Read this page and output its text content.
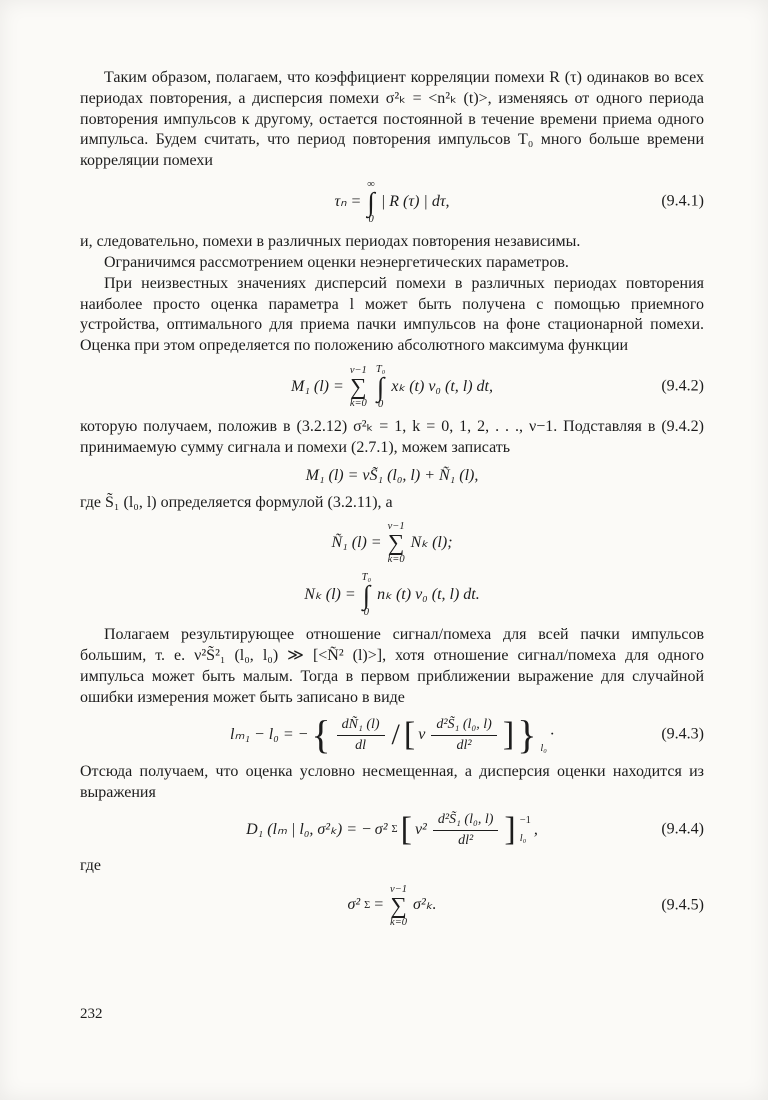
Таким образом, полагаем, что коэффициент корреляции помехи R (τ) одинаков во всех периодах повторения, а дисперсия помехи σ²ₖ = <n²ₖ (t)>, изменяясь от одного периода повторения импульсов к другому, остается постоянной в течение времени приема одного импульса. Будем считать, что период повторения импульсов T₀ много больше времени корреляции помехи

τₙ =
∞
∫
0
| R (τ) | dτ,	(9.4.1)

и, следовательно, помехи в различных периодах повторения независимы.

Ограничимся рассмотрением оценки неэнергетических параметров.

При неизвестных значениях дисперсий помехи в различных периодах повторения наиболее просто оценка параметра l может быть получена с помощью приемного устройства, оптимального для приема пачки импульсов на фоне стационарной помехи. Оценка при этом определяется по положению абсолютного максимума функции

M₁ (l) =
ν−1
∑
k=0
T₀
∫
0
xₖ (t) v₀ (t, l) dt,	(9.4.2)

которую получаем, положив в (3.2.12) σ²ₖ = 1, k = 0, 1, 2, . . ., ν−1. Подставляя в (9.4.2) принимаемую сумму сигнала и помехи (2.7.1), можем записать

M₁ (l) = νS̃₁ (l₀, l) + Ñ₁ (l),

где S̃₁ (l₀, l) определяется формулой (3.2.11), а

Ñ₁ (l) =
ν−1
∑
k=0
Nₖ (l);
Nₖ (l) =
T₀
∫
0
nₖ (t) v₀ (t, l) dt.

Полагаем результирующее отношение сигнал/помеха для всей пачки импульсов большим, т. е. ν²S̃²₁ (l₀, l₀) ≫ [<Ñ² (l)>], хотя отношение сигнал/помеха для одного импульса может быть малым. Тогда в первом приближении выражение для случайной ошибки измерения может быть записано в виде

lₘ₁ − l₀ = − { $\frac{\text{dÑ₁ (l)}}{dl}$ / [ ν $\frac{\text{d²S̃₁ (l₀, l)}}{\text{dl²}}$ ] } l₀
·	(9.4.3)

Отсюда получаем, что оценка условно несмещенная, а дисперсия оценки находится из выражения

D₁ (lₘ | l₀, σ²ₖ) = − σ² Σ [ $\nu^2 \frac{\text{d²S̃₁ (l₀, l)}}{\text{dl²}}$ ] −1
l₀
,	(9.4.4)

где

σ² Σ =
ν−1
∑
k=0
σ²ₖ.	(9.4.5)
232
